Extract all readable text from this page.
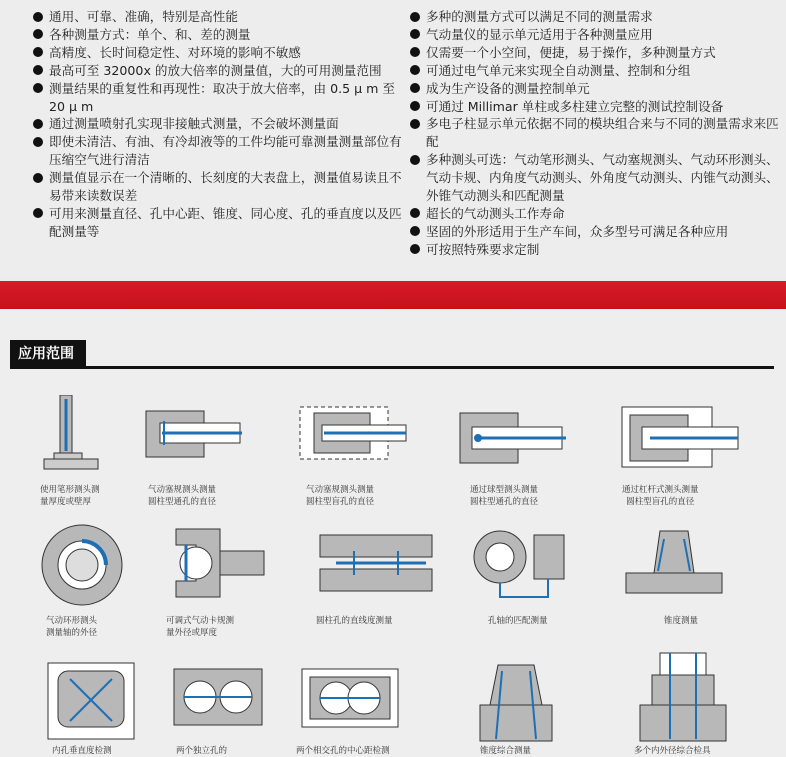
通用、可靠、准确，特别是高性能
各种测量方式：单个、和、差的测量
高精度、长时间稳定性、对环境的影响不敏感
最高可至 32000x 的放大倍率的测量值，大的可用测量范围
测量结果的重复性和再现性：取决于放大倍率，由 0.5 μ m 至 20 μ m
通过测量喷射孔实现非接触式测量，不会破坏测量面
即使未清洁、有油、有冷却液等的工件均能可靠测量测量部位有压缩空气进行清洁
测量值显示在一个清晰的、长刻度的大表盘上，测量值易读且不易带来读数误差
可用来测量直径、孔中心距、锥度、同心度、孔的垂直度以及匹配测量等
多种的测量方式可以满足不同的测量需求
气动量仪的显示单元适用于各种测量应用
仅需要一个小空间，便捷，易于操作，多种测量方式
可通过电气单元来实现全自动测量、控制和分组
成为生产设备的测量控制单元
可通过 Millimar 单柱或多柱建立完整的测试控制设备
多电子柱显示单元依据不同的模块组合来与不同的测量需求来匹配
多种测头可选：气动笔形测头、气动塞规测头、气动环形测头、气动卡规、内角度气动测头、外角度气动测头、内锥气动测头、外锥气动测头和匹配测量
超长的气动测头工作寿命
坚固的外形适用于生产车间，众多型号可满足各种应用
可按照特殊要求定制
应用范围
使用笔形测头测
量厚度或壁厚
气动塞规测头测量
圆柱型通孔的直径
气动塞规测头测量
圆柱型盲孔的直径
通过球型测头测量
圆柱型通孔的直径
通过杠杆式测头测量
圆柱型盲孔的直径
气动环形测头
测量轴的外径
可调式气动卡规测
量外径或厚度
圆柱孔的直线度测量	孔轴的匹配测量	锥度测量
内孔垂直度检测	两个独立孔的	两个相交孔的中心距检测	锥度综合测量	多个内外径综合检具
